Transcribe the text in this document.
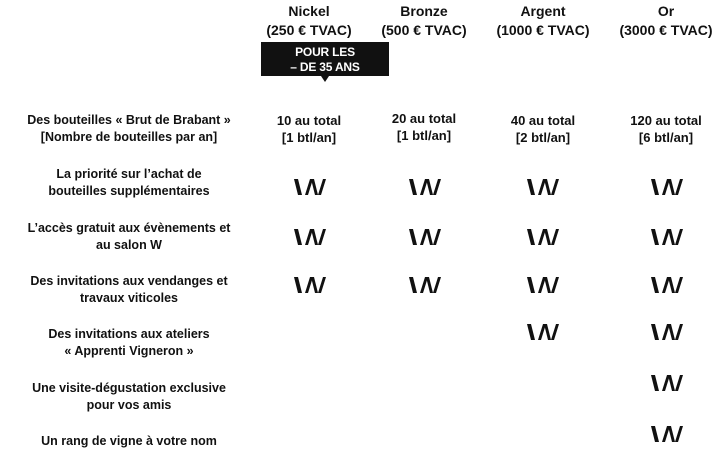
Nickel
(250 € TVAC)
Bronze
(500 € TVAC)
Argent
(1000 € TVAC)
Or
(3000 € TVAC)
POUR LES
– DE 35 ANS
Des bouteilles « Brut de Brabant »
[Nombre de bouteilles par an]
La priorité sur l’achat de
bouteilles supplémentaires
L’accès gratuit aux évènements et
au salon W
Des invitations aux vendanges et
travaux viticoles
Des invitations aux ateliers
« Apprenti Vigneron »
Une visite-dégustation exclusive
pour vos amis
Un rang de vigne à votre nom
10 au total
[1 btl/an]
20 au total
[1 btl/an]
40 au total
[2 btl/an]
120 au total
[6 btl/an]
